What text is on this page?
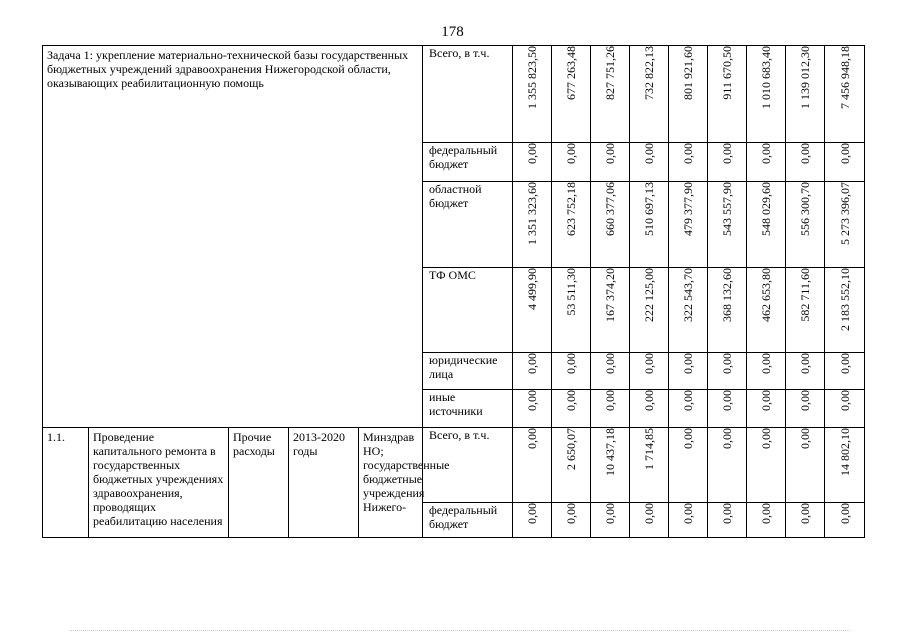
178
Задача 1: укрепление материально-технической базы государственных бюджетных учреждений здравоохранения Нижегородской области, оказывающих реабилитационную помощь					Всего, в т.ч.	1 355 823,50	677 263,48	827 751,26	732 822,13	801 921,60	911 670,50	1 010 683,40	1 139 012,30	7 456 948,18

					федеральный бюджет	0,00	0,00	0,00	0,00	0,00	0,00	0,00	0,00	0,00

					областной бюджет	1 351 323,60	623 752,18	660 377,06	510 697,13	479 377,90	543 557,90	548 029,60	556 300,70	5 273 396,07

					ТФ ОМС	4 499,90	53 511,30	167 374,20	222 125,00	322 543,70	368 132,60	462 653,80	582 711,60	2 183 552,10

					юридические лица	0,00	0,00	0,00	0,00	0,00	0,00	0,00	0,00	0,00

					иные источники	0,00	0,00	0,00	0,00	0,00	0,00	0,00	0,00	0,00

1.1.	Проведение капитального ремонта в государственных бюджетных учреждениях здравоохранения, проводящих реабилитацию населения	Прочие расходы	2013-2020 годы	Минздрав НО; государственные бюджетные учреждения Нижего-	Всего, в т.ч.	0,00	2 650,07	10 437,18	1 714,85	0,00	0,00	0,00	0,00	14 802,10

					федеральный бюджет	0,00	0,00	0,00	0,00	0,00	0,00	0,00	0,00	0,00
